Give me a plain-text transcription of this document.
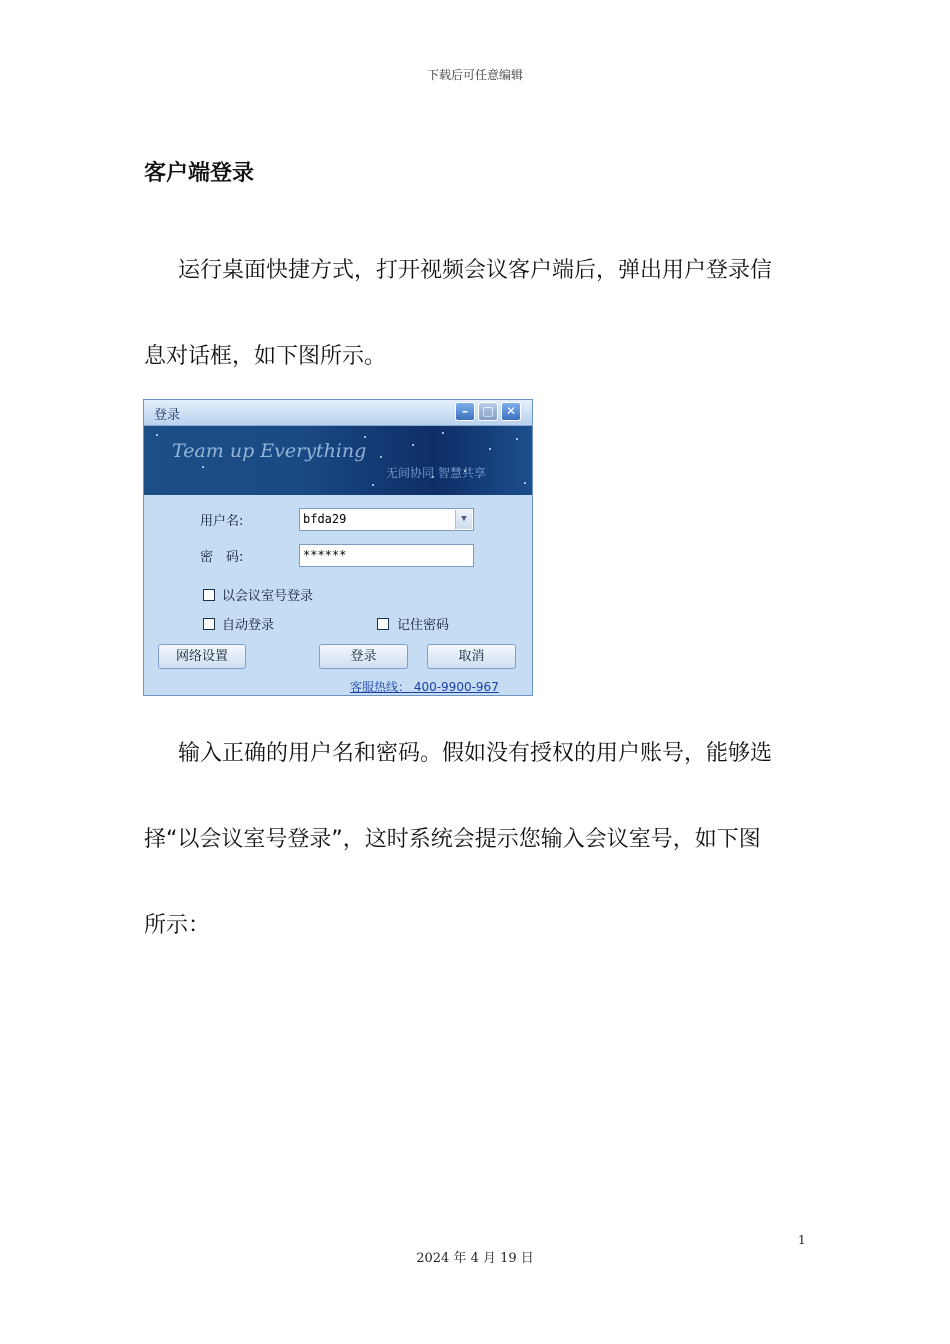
下载后可任意编辑
客户端登录
运行桌面快捷方式，打开视频会议客户端后，弹出用户登录信
息对话框，如下图所示。
登录	–	□	✕
Team up Everything
无间协同 智慧共享
用户名:	bfda29	▼
密　码:	******
以会议室号登录
自动登录	记住密码
网络设置	登录	取消
客服热线： 400-9900-967
输入正确的用户名和密码。假如没有授权的用户账号，能够选
择“以会议室号登录”，这时系统会提示您输入会议室号，如下图
所示：
1
2024 年 4 月 19 日
